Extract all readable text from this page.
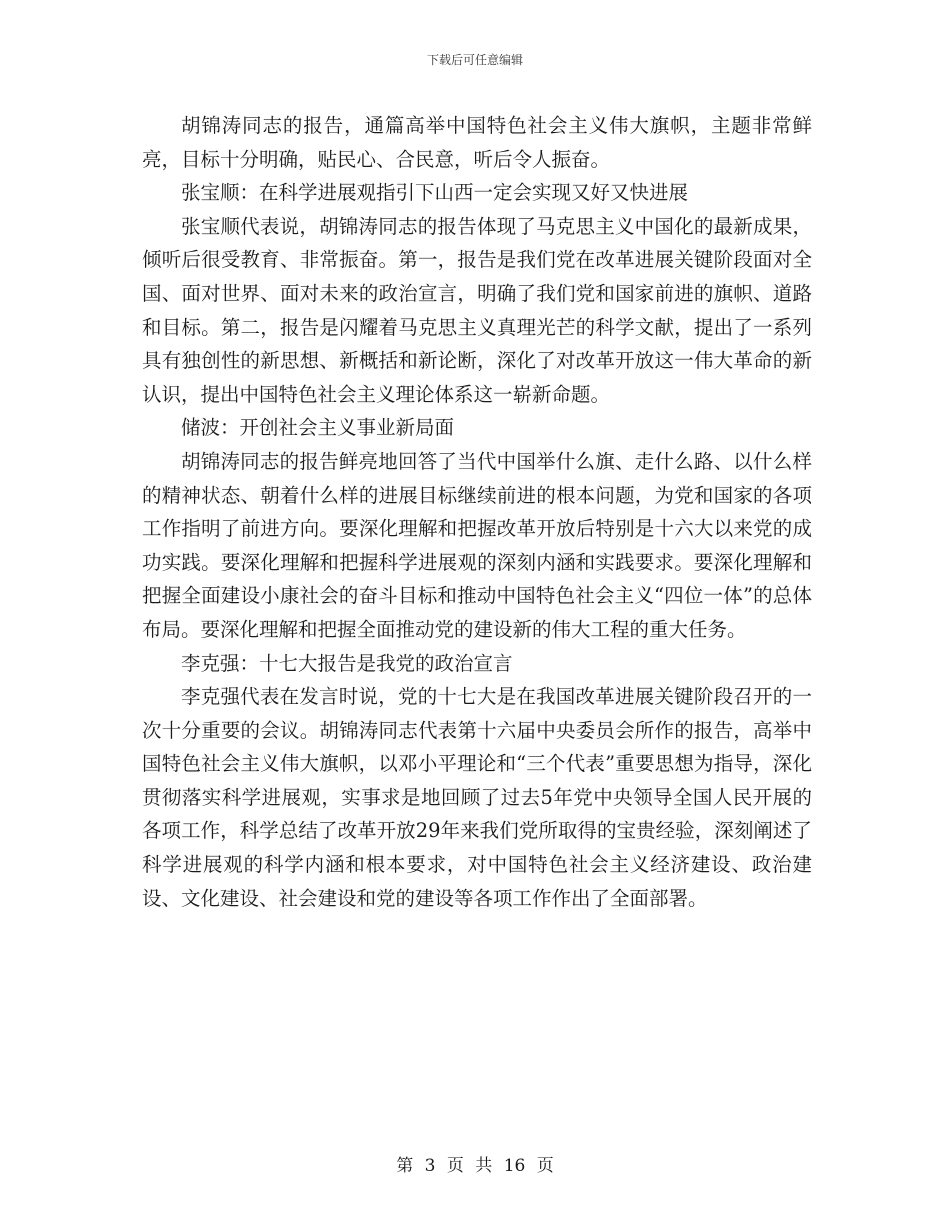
下载后可任意编辑

胡锦涛同志的报告，通篇高举中国特色社会主义伟大旗帜，主题非常鲜亮，目标十分明确，贴民心、合民意，听后令人振奋。

张宝顺：在科学进展观指引下山西一定会实现又好又快进展

张宝顺代表说，胡锦涛同志的报告体现了马克思主义中国化的最新成果，倾听后很受教育、非常振奋。第一，报告是我们党在改革进展关键阶段面对全国、面对世界、面对未来的政治宣言，明确了我们党和国家前进的旗帜、道路和目标。第二，报告是闪耀着马克思主义真理光芒的科学文献，提出了一系列具有独创性的新思想、新概括和新论断，深化了对改革开放这一伟大革命的新认识，提出中国特色社会主义理论体系这一崭新命题。

储波：开创社会主义事业新局面

胡锦涛同志的报告鲜亮地回答了当代中国举什么旗、走什么路、以什么样的精神状态、朝着什么样的进展目标继续前进的根本问题，为党和国家的各项工作指明了前进方向。要深化理解和把握改革开放后特别是十六大以来党的成功实践。要深化理解和把握科学进展观的深刻内涵和实践要求。要深化理解和把握全面建设小康社会的奋斗目标和推动中国特色社会主义“四位一体”的总体布局。要深化理解和把握全面推动党的建设新的伟大工程的重大任务。

李克强：十七大报告是我党的政治宣言

李克强代表在发言时说，党的十七大是在我国改革进展关键阶段召开的一次十分重要的会议。胡锦涛同志代表第十六届中央委员会所作的报告，高举中国特色社会主义伟大旗帜，以邓小平理论和“三个代表”重要思想为指导，深化贯彻落实科学进展观，实事求是地回顾了过去5年党中央领导全国人民开展的各项工作，科学总结了改革开放29年来我们党所取得的宝贵经验，深刻阐述了科学进展观的科学内涵和根本要求，对中国特色社会主义经济建设、政治建设、文化建设、社会建设和党的建设等各项工作作出了全面部署。

第 3 页 共 16 页
